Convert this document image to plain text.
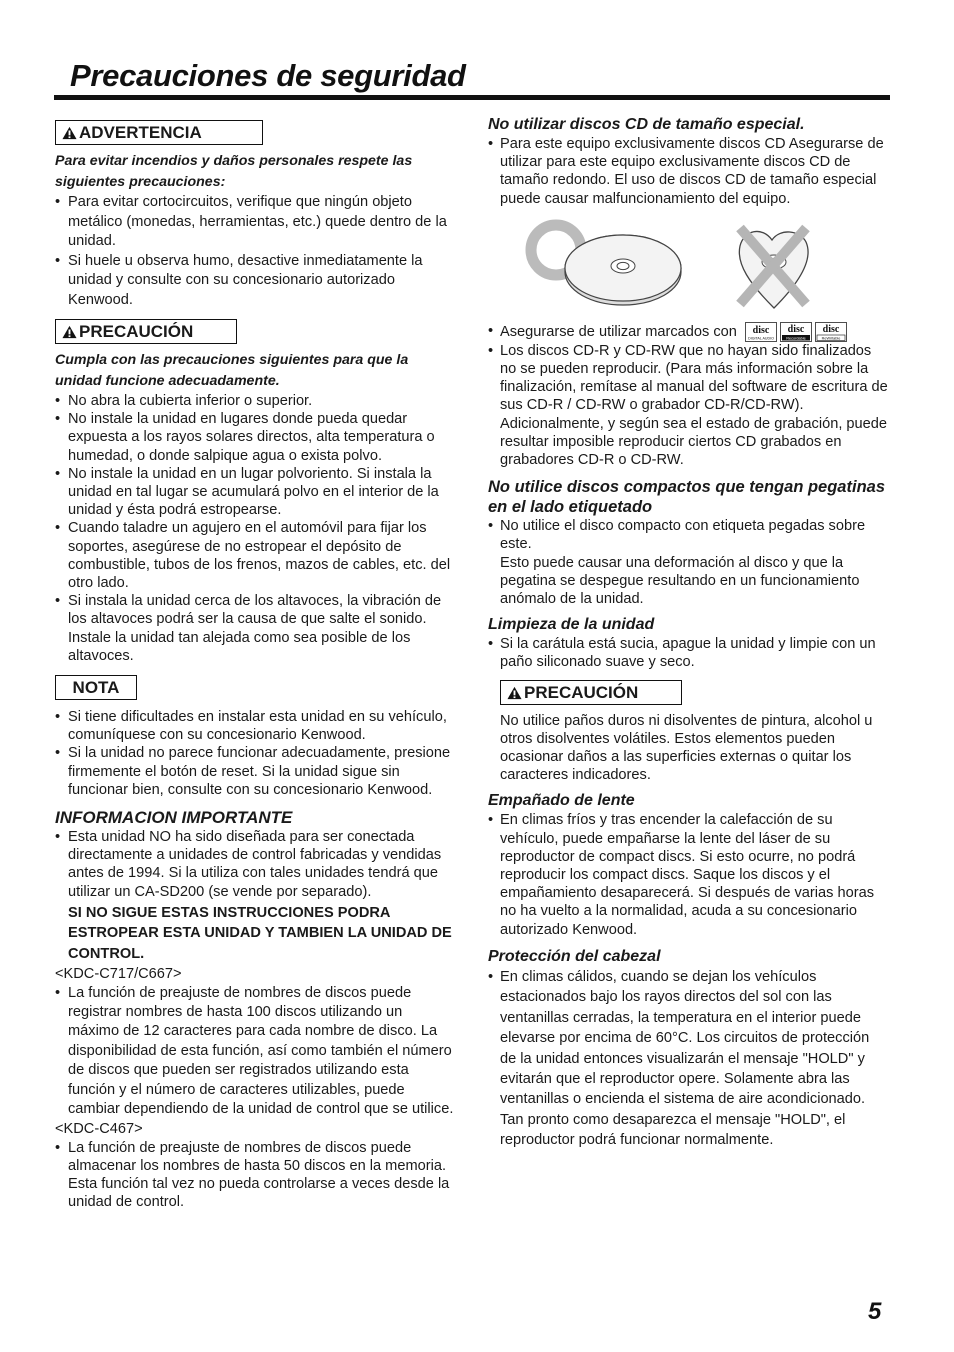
Precauciones de seguridad
ADVERTENCIA
Para evitar incendios y daños personales respete las siguientes precauciones:
• Para evitar cortocircuitos, verifique que ningún objeto metálico (monedas, herramientas, etc.) quede dentro de la unidad.
• Si huele u observa humo, desactive inmediatamente la unidad y consulte con su concesionario autorizado Kenwood.
PRECAUCIÓN
Cumpla con las precauciones siguientes para que la unidad funcione adecuadamente.
• No abra la cubierta inferior o superior.
• No instale la unidad en lugares donde pueda quedar expuesta a los rayos solares directos, alta temperatura o humedad, o donde salpique agua o exista polvo.
• No instale la unidad en un lugar polvoriento. Si instala la unidad en tal lugar se acumulará polvo en el interior de la unidad y ésta podrá estropearse.
• Cuando taladre un agujero en el automóvil para fijar los soportes, asegúrese de no estropear el depósito de combustible, tubos de los frenos, mazos de cables, etc. del otro lado.
• Si instala la unidad cerca de los altavoces, la vibración de los altavoces podrá ser la causa de que salte el sonido. Instale la unidad tan alejada como sea posible de los altavoces.
NOTA
• Si tiene dificultades en instalar esta unidad en su vehículo, comuníquese con su concesionario Kenwood.
• Si la unidad no parece funcionar adecuadamente, presione firmemente el botón de reset. Si la unidad sigue sin funcionar bien, consulte con su concesionario Kenwood.
INFORMACION IMPORTANTE
• Esta unidad NO ha sido diseñada para ser conectada directamente a unidades de control fabricadas y vendidas antes de 1994. Si la utiliza con tales unidades tendrá que utilizar un CA-SD200 (se vende por separado).
SI NO SIGUE ESTAS INSTRUCCIONES PODRA ESTROPEAR ESTA UNIDAD Y TAMBIEN LA UNIDAD DE CONTROL.
<KDC-C717/C667>
• La función de preajuste de nombres de discos puede registrar nombres de hasta 100 discos utilizando un máximo de 12 caracteres para cada nombre de disco. La disponibilidad de esta función, así como también el número de discos que pueden ser registrados utilizando esta función y el número de caracteres utilizables, puede cambiar dependiendo de la unidad de control que se utilice.
<KDC-C467>
• La función de preajuste de nombres de discos puede almacenar los nombres de hasta 50 discos en la memoria. Esta función tal vez no pueda controlarse a veces desde la unidad de control.
No utilizar discos CD de tamaño especial.
• Para este equipo exclusivamente discos CD Asegurarse de utilizar para este equipo exclusivamente discos CD de tamaño redondo. El uso de discos CD de tamaño especial puede causar malfuncionamiento del equipo.
• Asegurarse de utilizar marcados con disc
DIGITAL AUDIO
disc
Recordable
disc
ReWritable
• Los discos CD-R y CD-RW que no hayan sido finalizados no se pueden reproducir. (Para más información sobre la finalización, remítase al manual del software de escritura de sus CD-R / CD-RW o grabador CD-R/CD-RW). Adicionalmente, y según sea el estado de grabación, puede resultar imposible reproducir ciertos CD grabados en grabadores CD-R o CD-RW.
No utilice discos compactos que tengan pegatinas en el lado etiquetado
• No utilice el disco compacto con etiqueta pegadas sobre este.
Esto puede causar una deformación al disco y que la pegatina se despegue resultando en un funcionamiento anómalo de la unidad.
Limpieza de la unidad
• Si la carátula está sucia, apague la unidad y limpie con un paño siliconado suave y seco.
PRECAUCIÓN
No utilice paños duros ni disolventes de pintura, alcohol u otros disolventes volátiles. Estos elementos pueden ocasionar daños a las superficies externas o quitar los caracteres indicadores.
Empañado de lente
• En climas fríos y tras encender la calefacción de su vehículo, puede empañarse la lente del láser de su reproductor de compact discs. Si esto ocurre, no podrá reproducir los compact discs. Saque los discos y el empañamiento desaparecerá. Si después de varias horas no ha vuelto a la normalidad, acuda a su concesionario autorizado Kenwood.
Protección del cabezal
• En climas cálidos, cuando se dejan los vehículos estacionados bajo los rayos directos del sol con las ventanillas cerradas, la temperatura en el interior puede elevarse por encima de 60°C. Los circuitos de protección de la unidad entonces visualizarán el mensaje "HOLD" y evitarán que el reproductor opere. Solamente abra las ventanillas o encienda el sistema de aire acondicionado. Tan pronto como desaparezca el mensaje "HOLD", el reproductor podrá funcionar normalmente.
5
